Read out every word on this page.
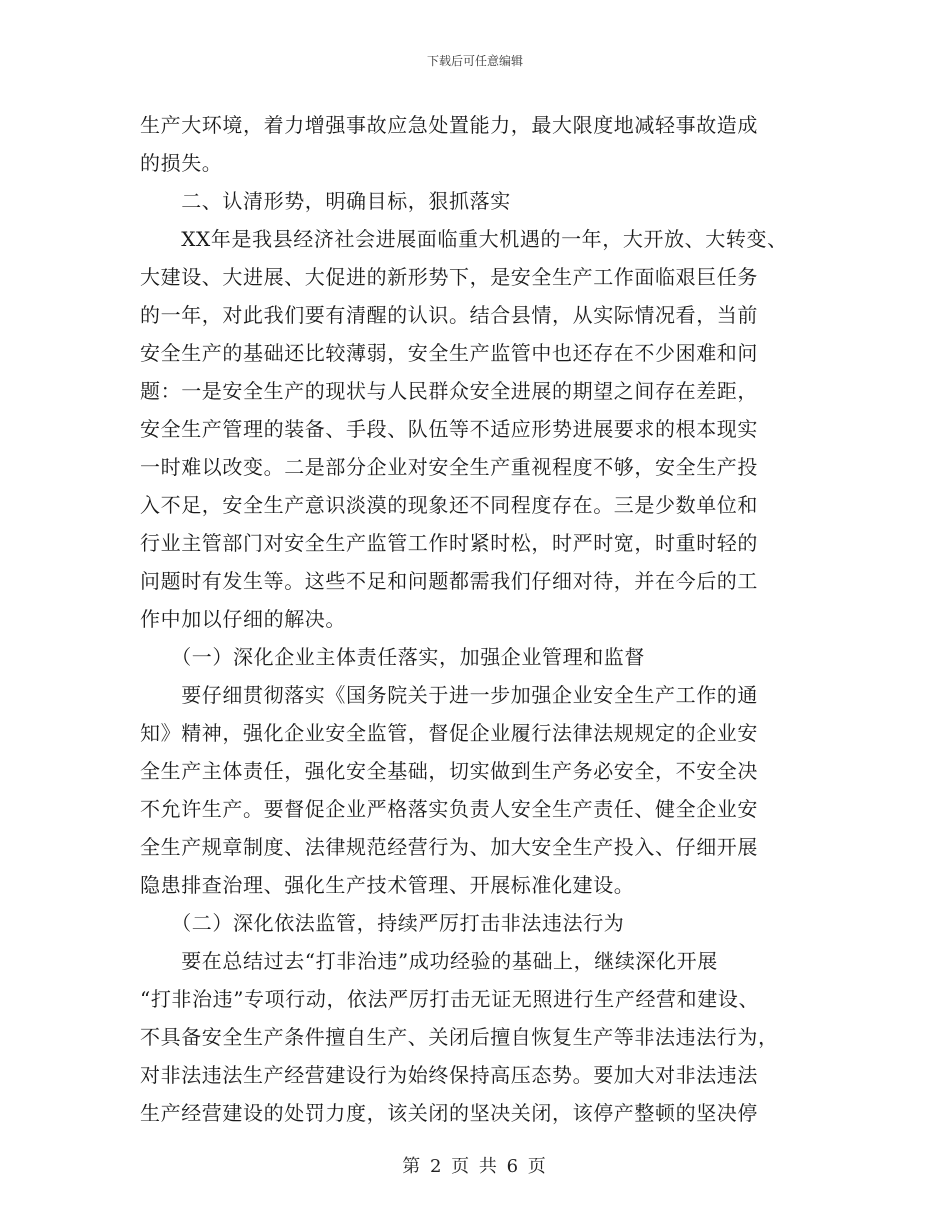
下载后可任意编辑
生产大环境，着力增强事故应急处置能力，最大限度地减轻事故造成
的损失。
　　二、认清形势，明确目标，狠抓落实
　　XX年是我县经济社会进展面临重大机遇的一年，大开放、大转变、
大建设、大进展、大促进的新形势下，是安全生产工作面临艰巨任务
的一年，对此我们要有清醒的认识。结合县情，从实际情况看，当前
安全生产的基础还比较薄弱，安全生产监管中也还存在不少困难和问
题：一是安全生产的现状与人民群众安全进展的期望之间存在差距，
安全生产管理的装备、手段、队伍等不适应形势进展要求的根本现实
一时难以改变。二是部分企业对安全生产重视程度不够，安全生产投
入不足，安全生产意识淡漠的现象还不同程度存在。三是少数单位和
行业主管部门对安全生产监管工作时紧时松，时严时宽，时重时轻的
问题时有发生等。这些不足和问题都需我们仔细对待，并在今后的工
作中加以仔细的解决。
　　（一）深化企业主体责任落实，加强企业管理和监督
　　要仔细贯彻落实《国务院关于进一步加强企业安全生产工作的通
知》精神，强化企业安全监管，督促企业履行法律法规规定的企业安
全生产主体责任，强化安全基础，切实做到生产务必安全，不安全决
不允许生产。要督促企业严格落实负责人安全生产责任、健全企业安
全生产规章制度、法律规范经营行为、加大安全生产投入、仔细开展
隐患排查治理、强化生产技术管理、开展标准化建设。
　　（二）深化依法监管，持续严厉打击非法违法行为
　　要在总结过去“打非治违”成功经验的基础上，继续深化开展
“打非治违”专项行动，依法严厉打击无证无照进行生产经营和建设、
不具备安全生产条件擅自生产、关闭后擅自恢复生产等非法违法行为，
对非法违法生产经营建设行为始终保持高压态势。要加大对非法违法
生产经营建设的处罚力度，该关闭的坚决关闭，该停产整顿的坚决停
第 2 页 共 6 页
